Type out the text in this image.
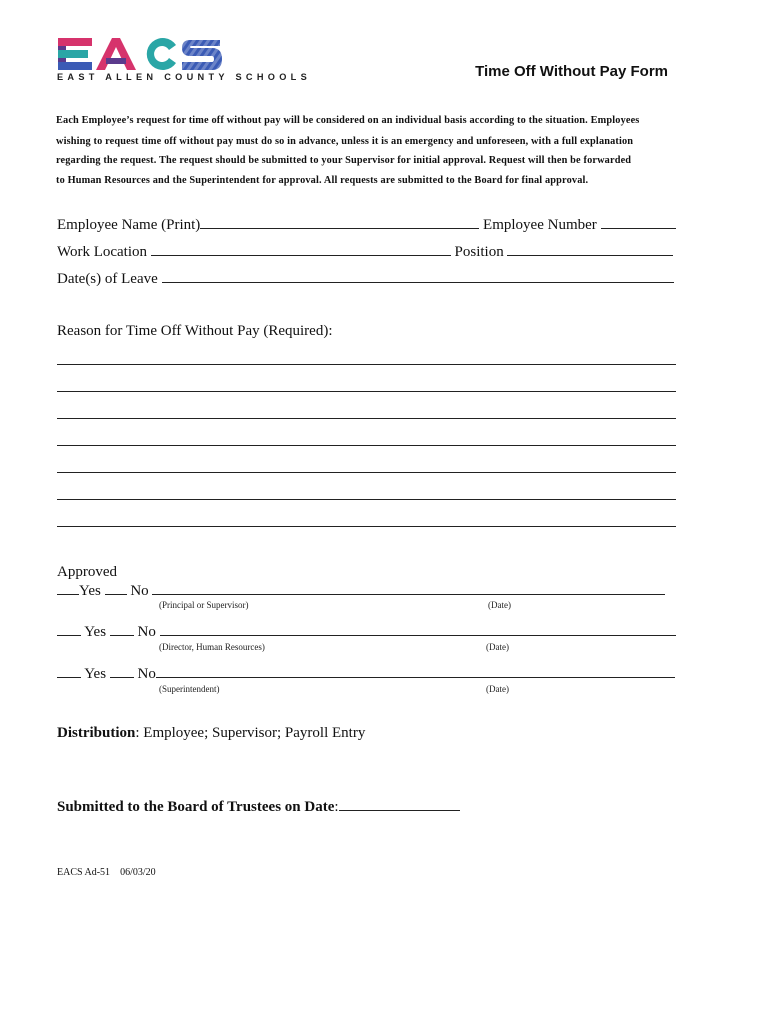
EAST ALLEN COUNTY SCHOOLS	Time Off Without Pay Form
Each Employee’s request for time off without pay will be considered on an individual basis according to the situation. Employees
wishing to request time off without pay must do so in advance, unless it is an emergency and unforeseen, with a full explanation
regarding the request. The request should be submitted to your Supervisor for initial approval. Request will then be forwarded
to Human Resources and the Superintendent for approval. All requests are submitted to the Board for final approval.
Employee Name (Print)	Employee Number
Work Location	Position
Date(s) of Leave
Reason for Time Off Without Pay (Required):
Approved
Yes No
(Principal or Supervisor)	(Date)
Yes No
(Director, Human Resources)	(Date)
Yes No
(Superintendent)	(Date)
Distribution: Employee; Supervisor; Payroll Entry
Submitted to the Board of Trustees on Date:
EACS Ad-51 06/03/20
